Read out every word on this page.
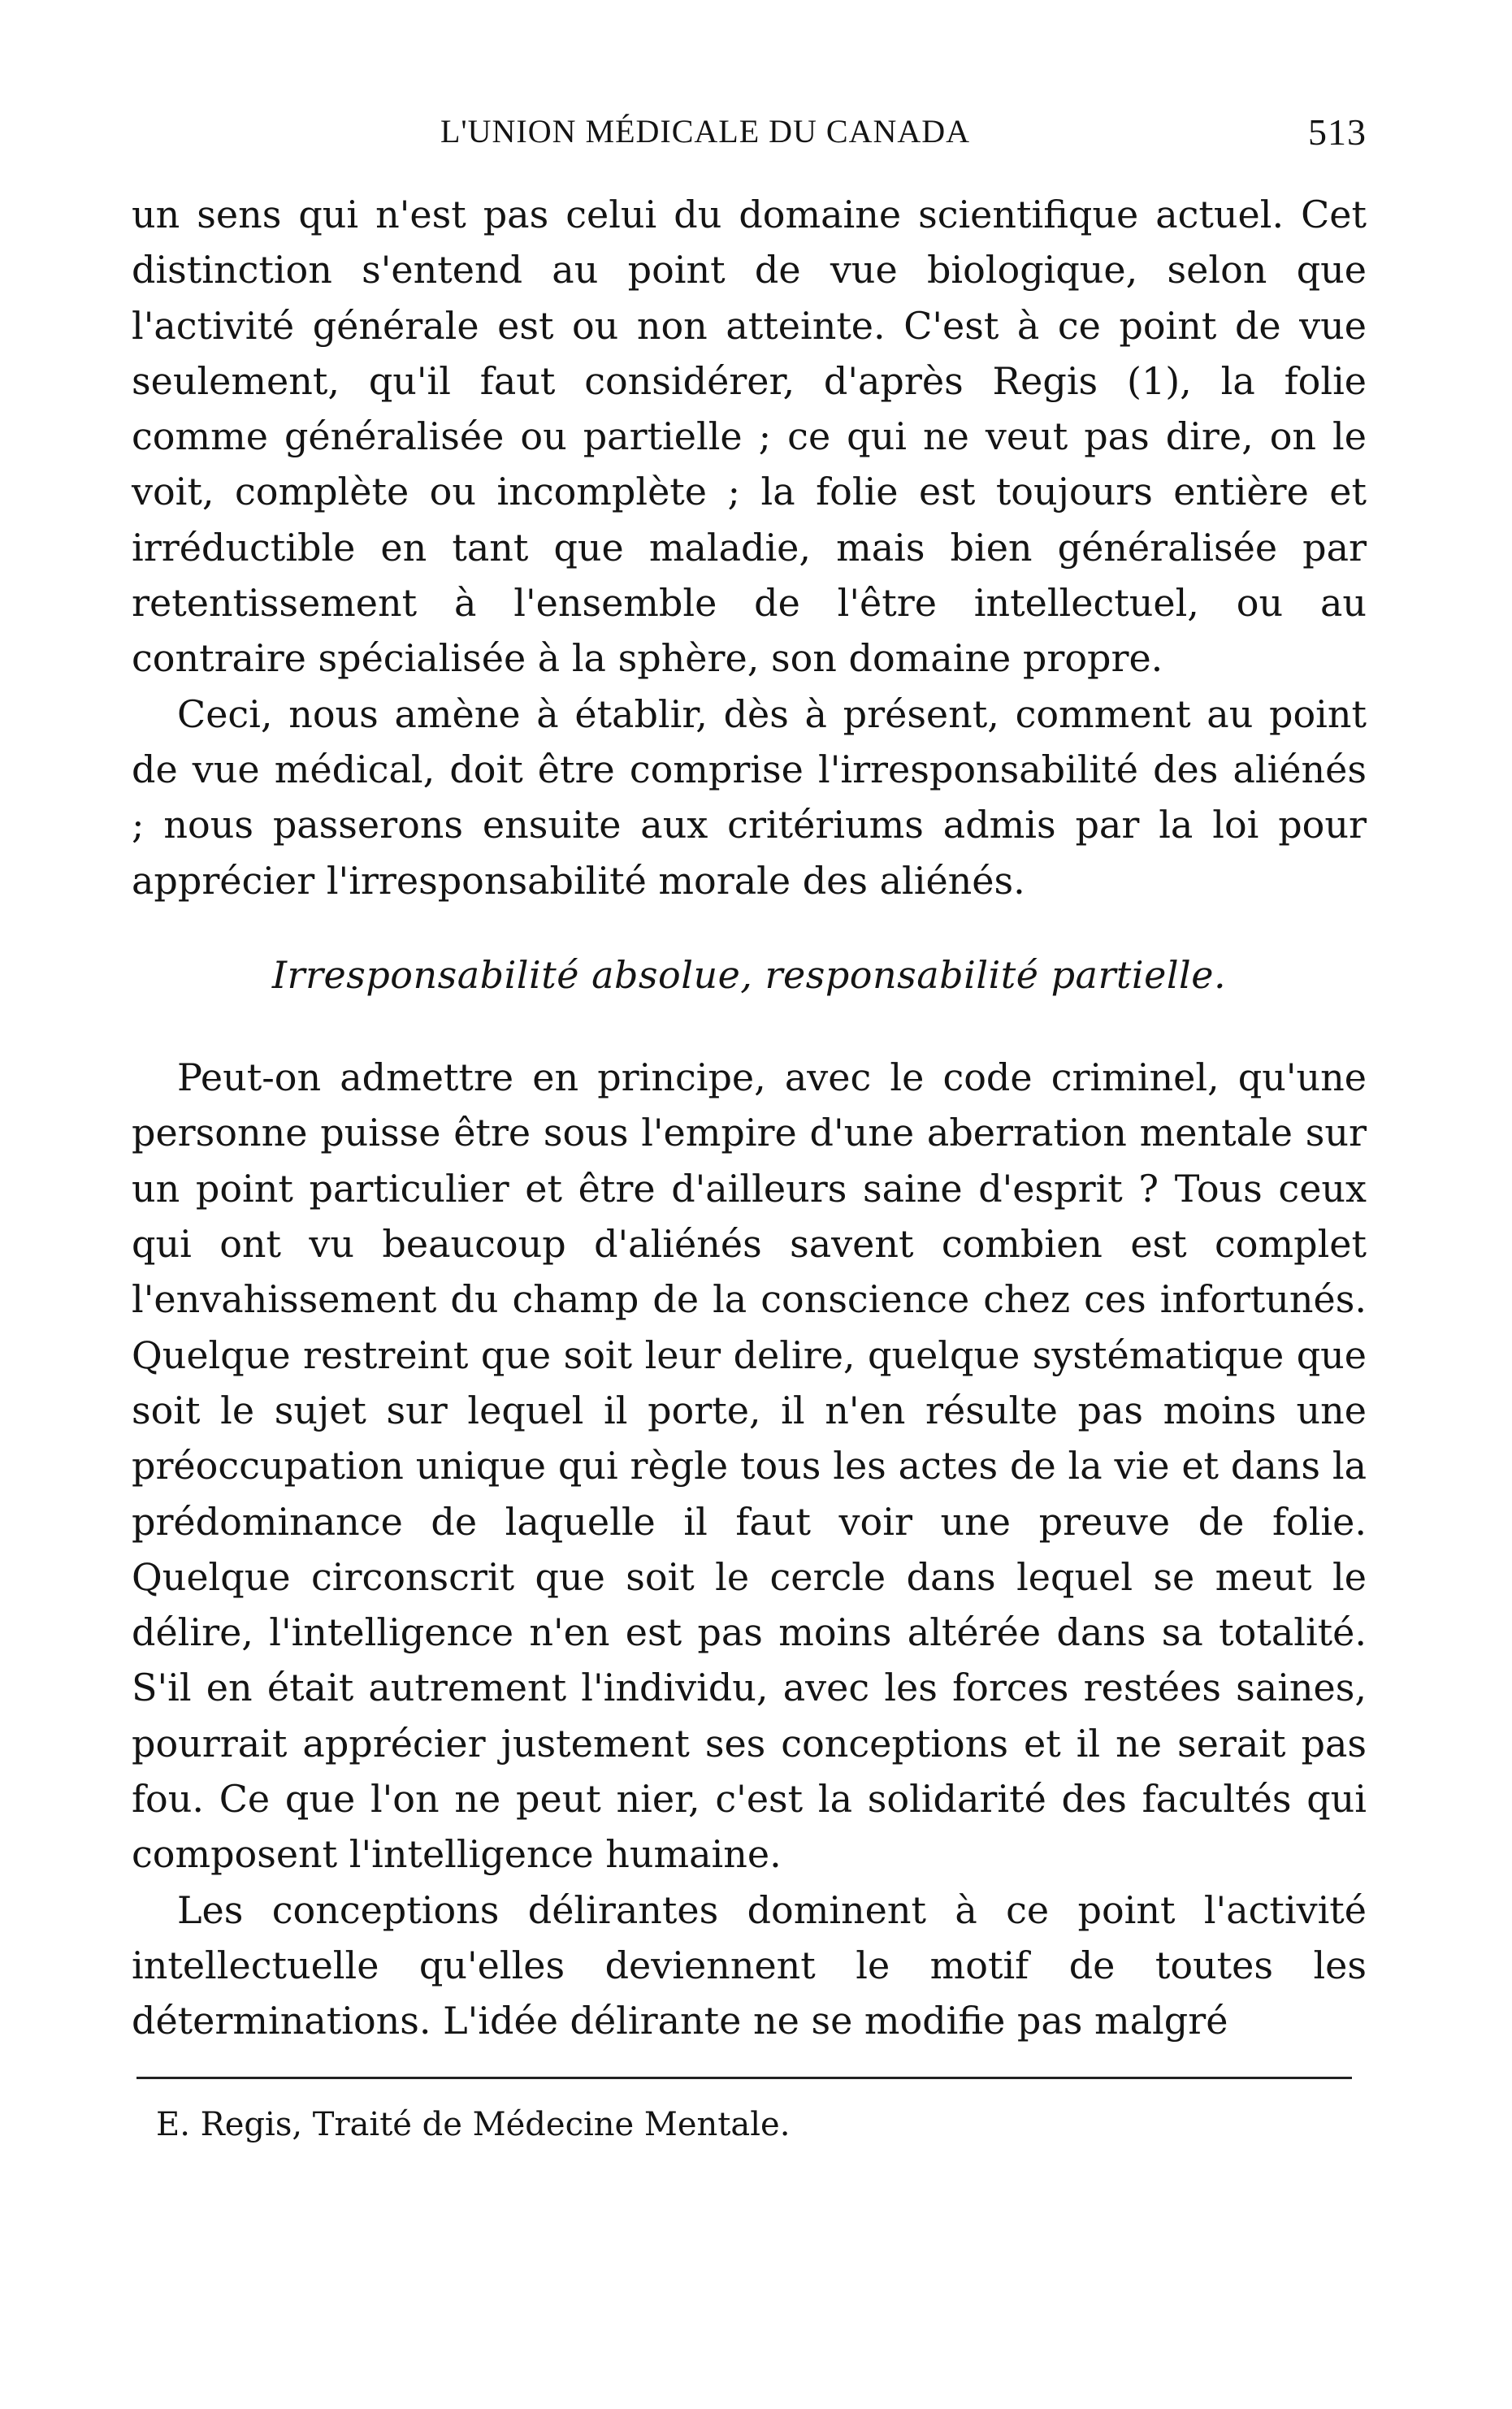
L'UNION MÉDICALE DU CANADA	513

un sens qui n'est pas celui du domaine scientifique actuel. Cet distinction s'entend au point de vue biologique, selon que l'activité générale est ou non atteinte. C'est à ce point de vue seulement, qu'il faut considérer, d'après Regis (1), la folie comme généralisée ou partielle ; ce qui ne veut pas dire, on le voit, complète ou incomplète ; la folie est toujours entière et irréductible en tant que maladie, mais bien généralisée par retentissement à l'ensemble de l'être intellectuel, ou au contraire spécialisée à la sphère, son domaine propre.

Ceci, nous amène à établir, dès à présent, comment au point de vue médical, doit être comprise l'irresponsabilité des aliénés ; nous passerons ensuite aux critériums admis par la loi pour apprécier l'irresponsabilité morale des aliénés.

Irresponsabilité absolue, responsabilité partielle.

Peut-on admettre en principe, avec le code criminel, qu'une personne puisse être sous l'empire d'une aberration mentale sur un point particulier et être d'ailleurs saine d'esprit ? Tous ceux qui ont vu beaucoup d'aliénés savent combien est complet l'envahissement du champ de la conscience chez ces infortunés. Quelque restreint que soit leur delire, quelque systématique que soit le sujet sur lequel il porte, il n'en résulte pas moins une préoccupation unique qui règle tous les actes de la vie et dans la prédominance de laquelle il faut voir une preuve de folie. Quelque circonscrit que soit le cercle dans lequel se meut le délire, l'intelligence n'en est pas moins altérée dans sa totalité. S'il en était autrement l'individu, avec les forces restées saines, pourrait apprécier justement ses conceptions et il ne serait pas fou. Ce que l'on ne peut nier, c'est la solidarité des facultés qui composent l'intelligence humaine.

Les conceptions délirantes dominent à ce point l'activité intellectuelle qu'elles deviennent le motif de toutes les déterminations. L'idée délirante ne se modifie pas malgré

E. Regis, Traité de Médecine Mentale.
